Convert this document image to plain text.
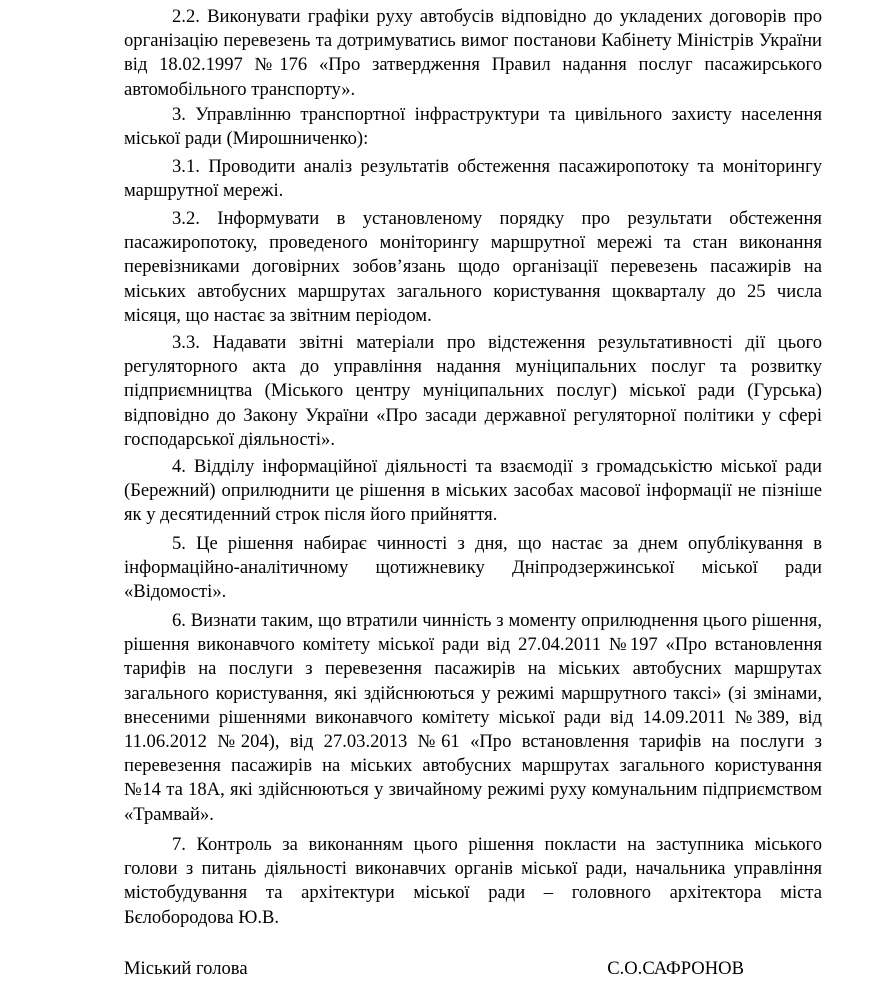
2.2. Виконувати графіки руху автобусів відповідно до укладених договорів про організацію перевезень та дотримуватись вимог постанови Кабінету Міністрів України від 18.02.1997 №176 «Про затвердження Правил надання послуг пасажирського автомобільного транспорту».

3. Управлінню транспортної інфраструктури та цивільного захисту населення міської ради (Мирошниченко):

3.1. Проводити аналіз результатів обстеження пасажиропотоку та моніторингу маршрутної мережі.

3.2. Інформувати в установленому порядку про результати обстеження пасажиропотоку, проведеного моніторингу маршрутної мережі та стан виконання перевізниками договірних зобов’язань щодо організації перевезень пасажирів на міських автобусних маршрутах загального користування щокварталу до 25 числа місяця, що настає за звітним періодом.

3.3. Надавати звітні матеріали про відстеження результативності дії цього регуляторного акта до управління надання муніципальних послуг та розвитку підприємництва (Міського центру муніципальних послуг) міської ради (Гурська) відповідно до Закону України «Про засади державної регуляторної політики у сфері господарської діяльності».

4. Відділу інформаційної діяльності та взаємодії з громадськістю міської ради (Бережний) оприлюднити це рішення в міських засобах масової інформації не пізніше як у десятиденний строк після його прийняття.

5. Це рішення набирає чинності з дня, що настає за днем опублікування в інформаційно-аналітичному щотижневику Дніпродзержинської міської ради «Відомості».

6. Визнати таким, що втратили чинність з моменту оприлюднення цього рішення, рішення виконавчого комітету міської ради від 27.04.2011 №197 «Про встановлення тарифів на послуги з перевезення пасажирів на міських автобусних маршрутах загального користування, які здійснюються у режимі маршрутного таксі» (зі змінами, внесеними рішеннями виконавчого комітету міської ради від 14.09.2011 №389, від 11.06.2012 №204), від 27.03.2013 №61 «Про встановлення тарифів на послуги з перевезення пасажирів на міських автобусних маршрутах загального користування №14 та 18А, які здійснюються у звичайному режимі руху комунальним підприємством «Трамвай».

7. Контроль за виконанням цього рішення покласти на заступника міського голови з питань діяльності виконавчих органів міської ради, начальника управління містобудування та архітектури міської ради – головного архітектора міста Бєлобородова Ю.В.

Міський голова	С.О.САФРОНОВ
